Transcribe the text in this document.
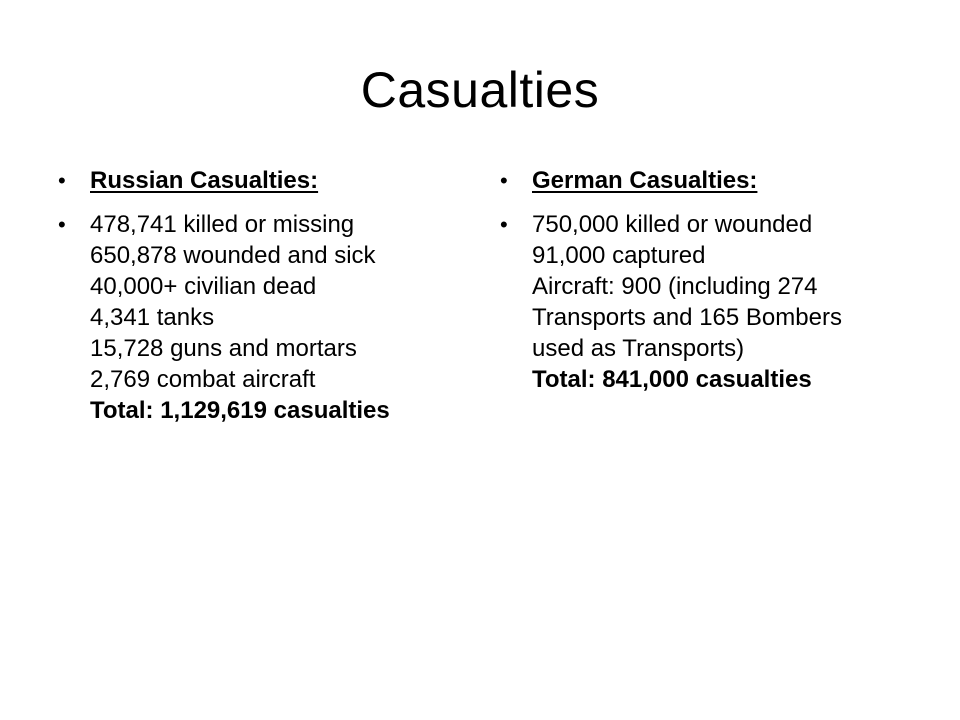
Casualties
•	Russian Casualties:
•	478,741 killed or missing
650,878 wounded and sick
40,000+ civilian dead
4,341 tanks
15,728 guns and mortars
2,769 combat aircraft
Total: 1,129,619 casualties
•	German Casualties:
•	750,000 killed or wounded
91,000 captured
Aircraft: 900 (including 274
Transports and 165 Bombers
used as Transports)
Total: 841,000 casualties
